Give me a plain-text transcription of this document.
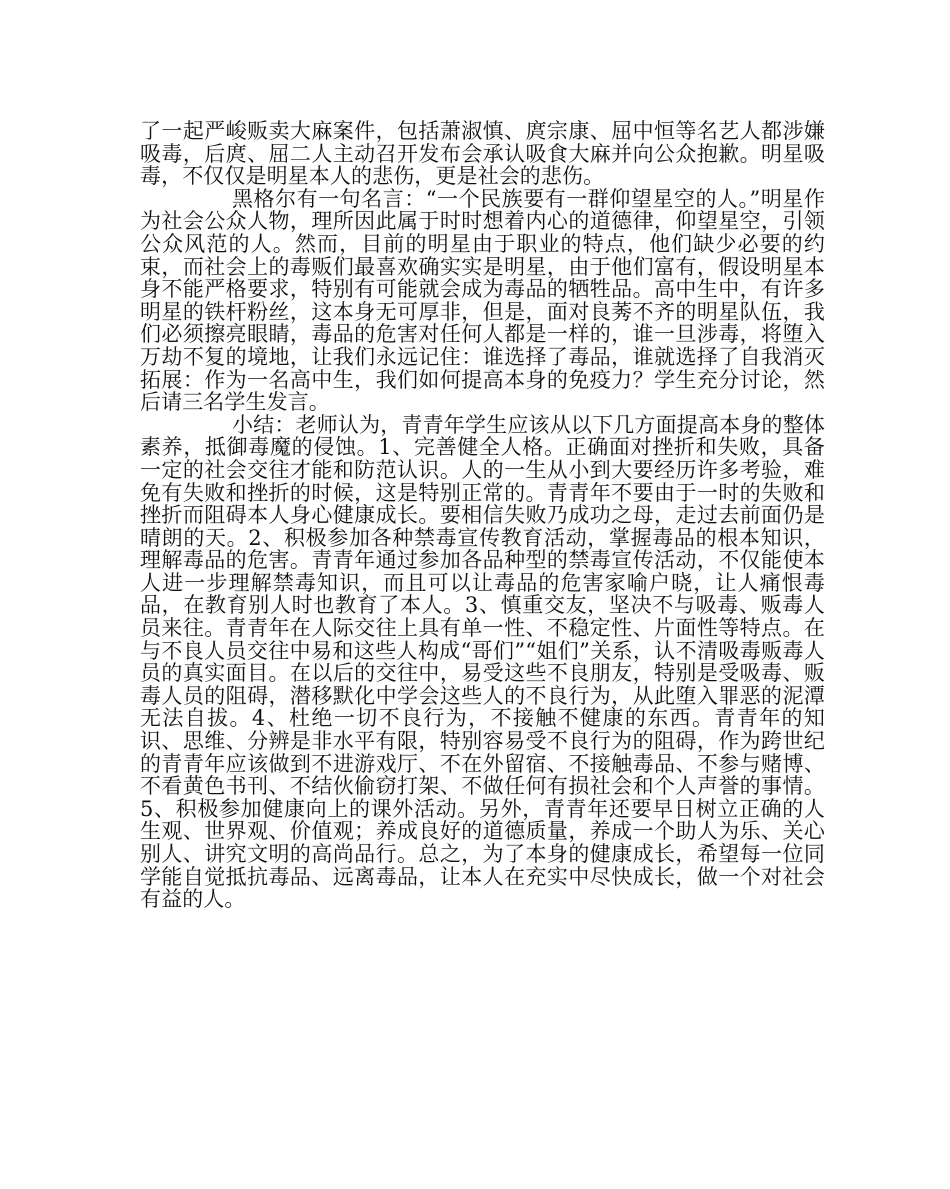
了一起严峻贩卖大麻案件，包括萧淑慎、庹宗康、屈中恒等名艺人都涉嫌吸毒，后庹、屈二人主动召开发布会承认吸食大麻并向公众抱歉。明星吸毒，不仅仅是明星本人的悲伤，更是社会的悲伤。

黑格尔有一句名言：“一个民族要有一群仰望星空的人。”明星作为社会公众人物，理所因此属于时时想着内心的道德律，仰望星空，引领公众风范的人。然而，目前的明星由于职业的特点，他们缺少必要的约束，而社会上的毒贩们最喜欢确实实是明星，由于他们富有，假设明星本身不能严格要求，特别有可能就会成为毒品的牺牲品。高中生中，有许多明星的铁杆粉丝，这本身无可厚非，但是，面对良莠不齐的明星队伍，我们必须擦亮眼睛，毒品的危害对任何人都是一样的，谁一旦涉毒，将堕入万劫不复的境地，让我们永远记住：谁选择了毒品，谁就选择了自我消灭拓展：作为一名高中生，我们如何提高本身的免疫力？学生充分讨论，然后请三名学生发言。

小结：老师认为，青青年学生应该从以下几方面提高本身的整体素养，抵御毒魔的侵蚀。1、完善健全人格。正确面对挫折和失败，具备一定的社会交往才能和防范认识。人的一生从小到大要经历许多考验，难免有失败和挫折的时候，这是特别正常的。青青年不要由于一时的失败和挫折而阻碍本人身心健康成长。要相信失败乃成功之母，走过去前面仍是晴朗的天。2、积极参加各种禁毒宣传教育活动，掌握毒品的根本知识，理解毒品的危害。青青年通过参加各品种型的禁毒宣传活动，不仅能使本人进一步理解禁毒知识，而且可以让毒品的危害家喻户晓，让人痛恨毒品，在教育别人时也教育了本人。3、慎重交友，坚决不与吸毒、贩毒人员来往。青青年在人际交往上具有单一性、不稳定性、片面性等特点。在与不良人员交往中易和这些人构成“哥们”“姐们”关系，认不清吸毒贩毒人员的真实面目。在以后的交往中，易受这些不良朋友，特别是受吸毒、贩毒人员的阻碍，潜移默化中学会这些人的不良行为，从此堕入罪恶的泥潭无法自拔。4、杜绝一切不良行为，不接触不健康的东西。青青年的知识、思维、分辨是非水平有限，特别容易受不良行为的阻碍，作为跨世纪的青青年应该做到不进游戏厅、不在外留宿、不接触毒品、不参与赌博、不看黄色书刊、不结伙偷窃打架、不做任何有损社会和个人声誉的事情。5、积极参加健康向上的课外活动。另外，青青年还要早日树立正确的人生观、世界观、价值观；养成良好的道德质量，养成一个助人为乐、关心别人、讲究文明的高尚品行。总之，为了本身的健康成长，希望每一位同学能自觉抵抗毒品、远离毒品，让本人在充实中尽快成长，做一个对社会有益的人。
